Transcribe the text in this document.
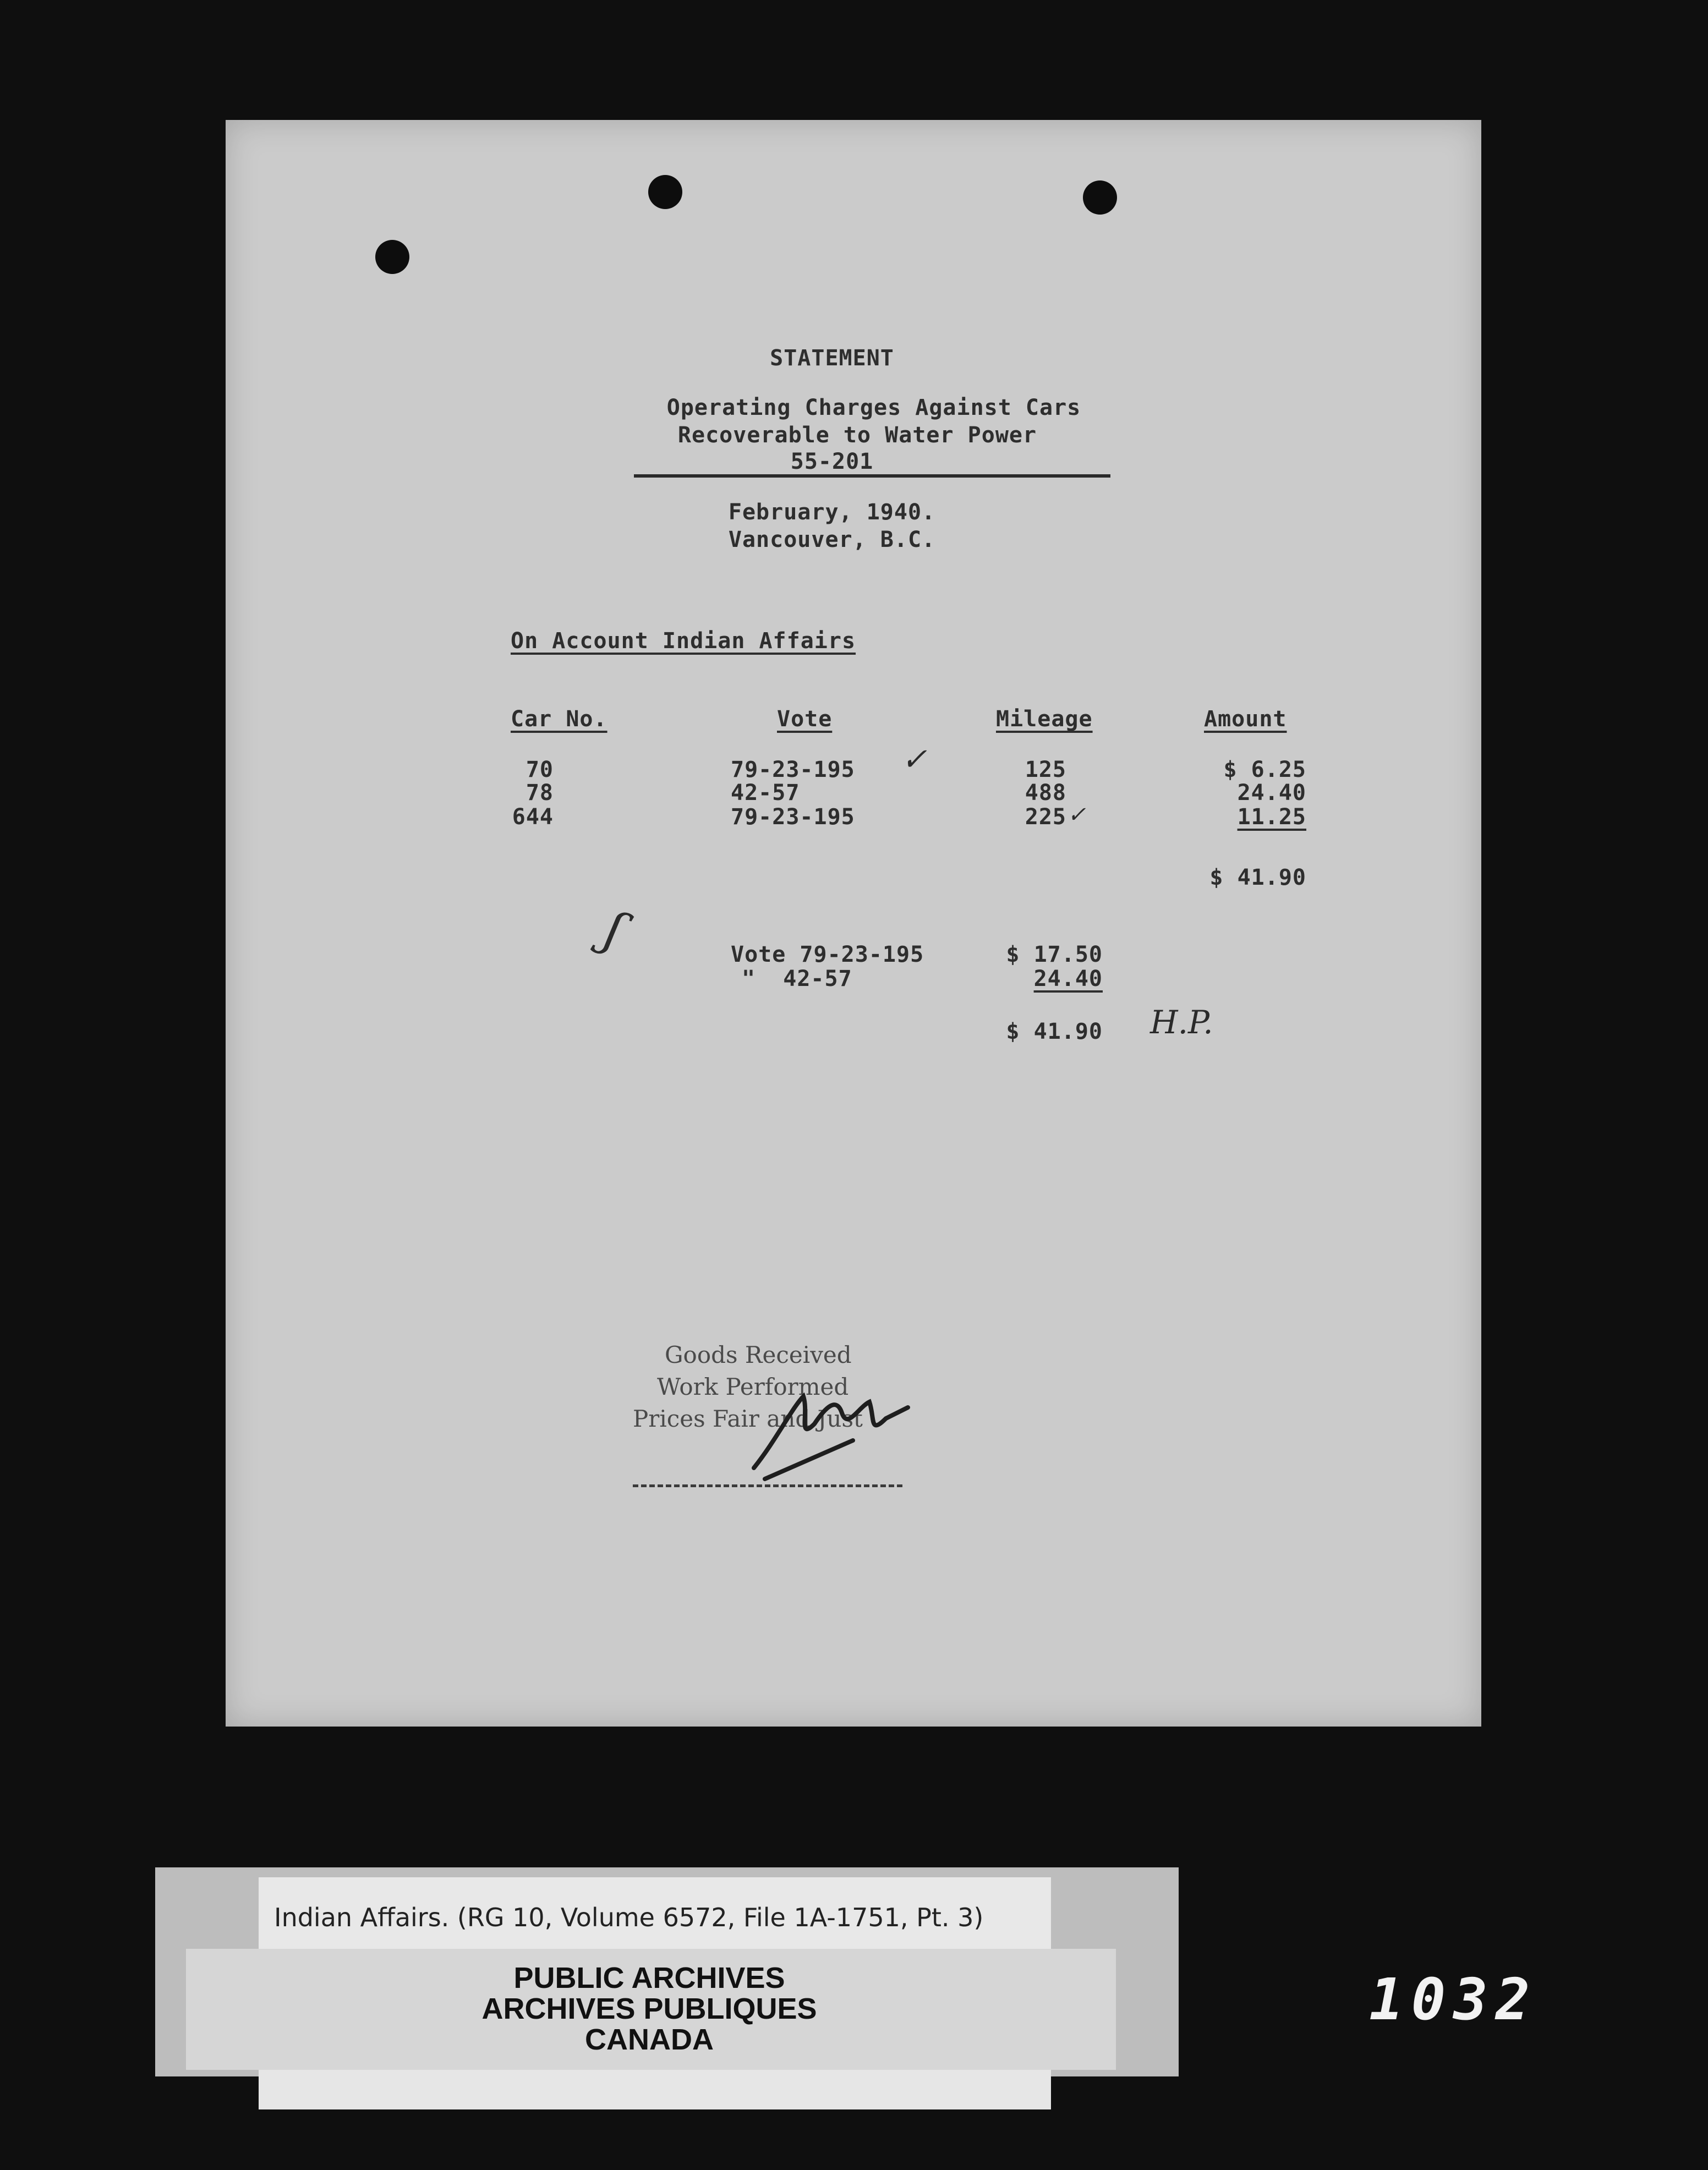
STATEMENT
Operating Charges Against Cars
Recoverable to Water Power
55-201
February, 1940.
Vancouver, B.C.
On Account Indian Affairs
Car No.	Vote	Mileage	Amount
70	79-23-195	125	$ 6.25
78	42-57	488	24.40
644	79-23-195	225	11.25
✓
✓
$ 41.90
ʃ	Vote 79-23-195	$ 17.50
"  42-57	24.40
$ 41.90 H.P.
Goods Received
Work Performed
Prices Fair and Just
Indian Affairs. (RG 10, Volume 6572, File 1A-1751, Pt. 3)
PUBLIC ARCHIVES
ARCHIVES PUBLIQUES
CANADA
1032
